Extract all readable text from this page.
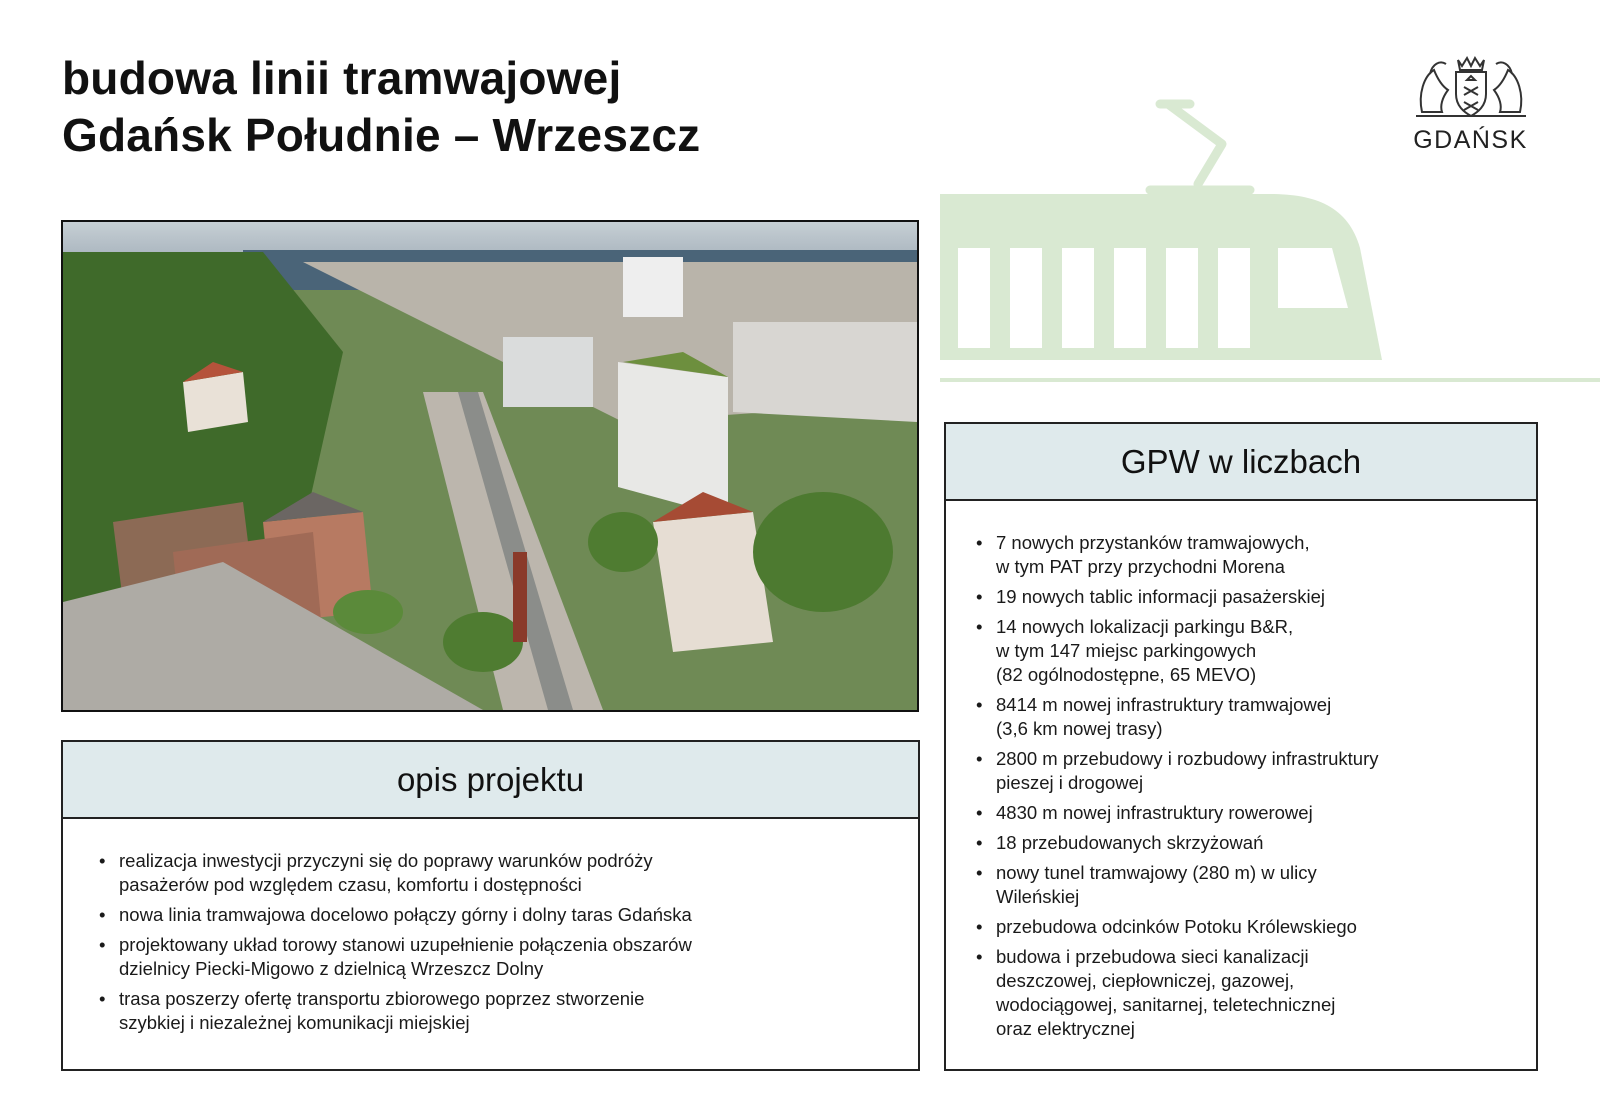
budowa linii tramwajowej
Gdańsk Południe – Wrzeszcz	GDAŃSK
opis projektu
• realizacja inwestycji przyczyni się do poprawy warunków podróży
pasażerów pod względem czasu, komfortu i dostępności
• nowa linia tramwajowa docelowo połączy górny i dolny taras Gdańska
• projektowany układ torowy stanowi uzupełnienie połączenia obszarów
dzielnicy Piecki-Migowo z dzielnicą Wrzeszcz Dolny
• trasa poszerzy ofertę transportu zbiorowego poprzez stworzenie
szybkiej i niezależnej komunikacji miejskiej
GPW w liczbach
• 7 nowych przystanków tramwajowych,
w tym PAT przy przychodni Morena
• 19 nowych tablic informacji pasażerskiej
• 14 nowych lokalizacji parkingu B&R,
w tym 147 miejsc parkingowych
(82 ogólnodostępne, 65 MEVO)
• 8414 m nowej infrastruktury tramwajowej
(3,6 km nowej trasy)
• 2800 m przebudowy i rozbudowy infrastruktury
pieszej i drogowej
• 4830 m nowej infrastruktury rowerowej
• 18 przebudowanych skrzyżowań
• nowy tunel tramwajowy (280 m) w ulicy
Wileńskiej
• przebudowa odcinków Potoku Królewskiego
• budowa i przebudowa sieci kanalizacji
deszczowej, ciepłowniczej, gazowej,
wodociągowej, sanitarnej, teletechnicznej
oraz elektrycznej
